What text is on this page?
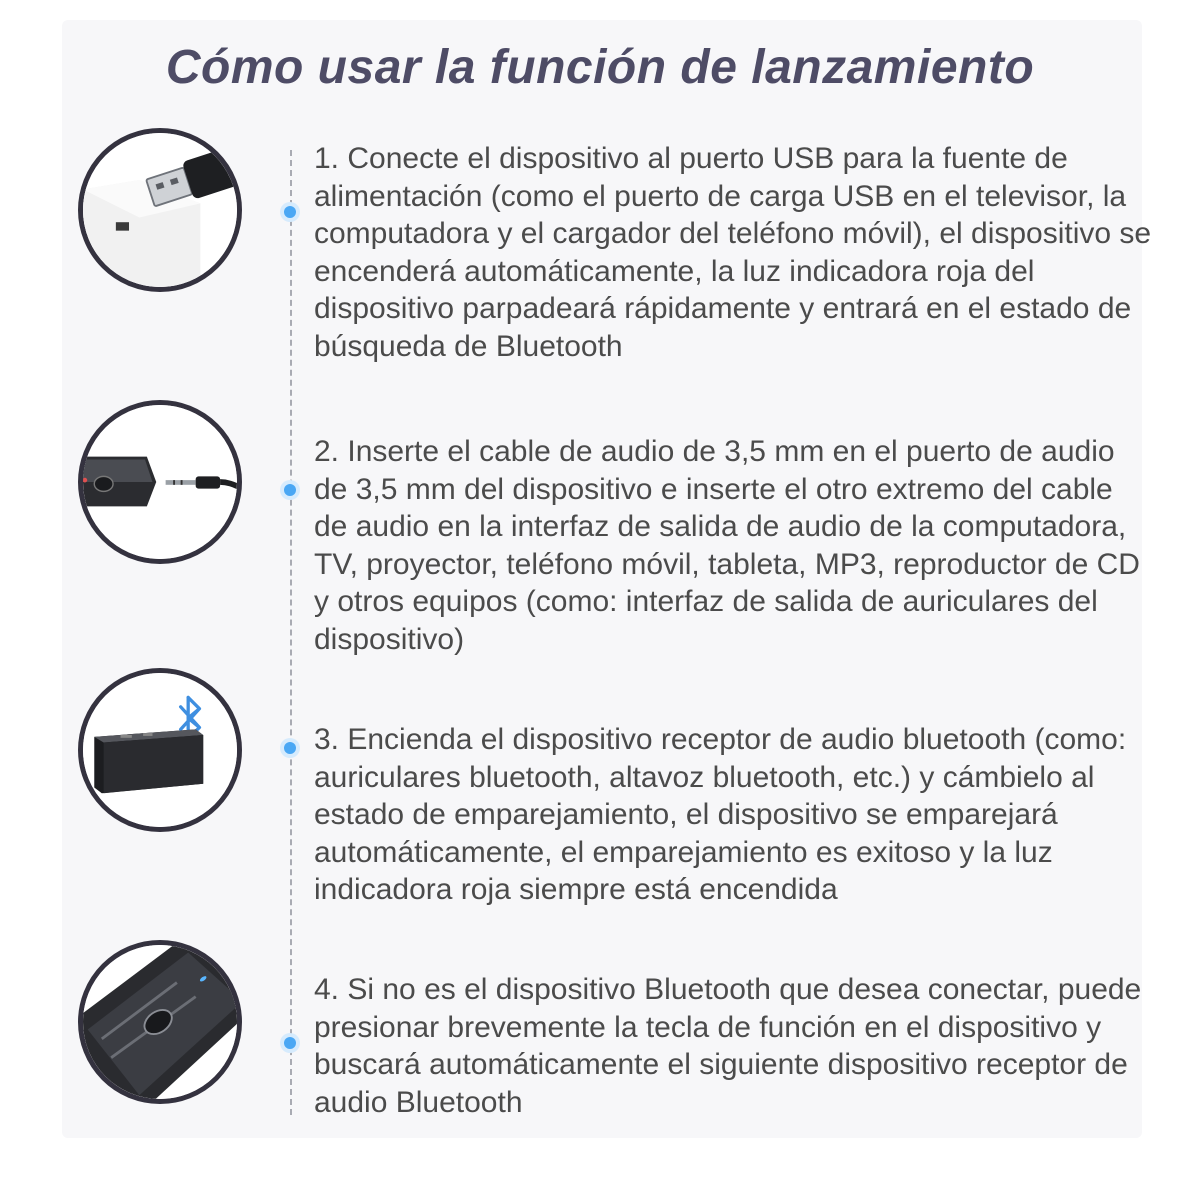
Cómo usar la función de lanzamiento

1. Conecte el dispositivo al puerto USB para la fuente de alimentación (como el puerto de carga USB en el televisor, la computadora y el cargador del teléfono móvil), el dispositivo se encenderá automáticamente, la luz indicadora roja del dispositivo parpadeará rápidamente y entrará en el estado de búsqueda de Bluetooth

2. Inserte el cable de audio de 3,5 mm en el puerto de audio de 3,5 mm del dispositivo e inserte el otro extremo del cable de audio en la interfaz de salida de audio de la computadora, TV, proyector, teléfono móvil, tableta, MP3, reproductor de CD y otros equipos (como: interfaz de salida de auriculares del dispositivo)

3. Encienda el dispositivo receptor de audio bluetooth (como: auriculares bluetooth, altavoz bluetooth, etc.) y cámbielo al estado de emparejamiento, el dispositivo se emparejará automáticamente, el emparejamiento es exitoso y la luz indicadora roja siempre está encendida

4. Si no es el dispositivo Bluetooth que desea conectar, puede presionar brevemente la tecla de función en el dispositivo y buscará automáticamente el siguiente dispositivo receptor de audio Bluetooth
